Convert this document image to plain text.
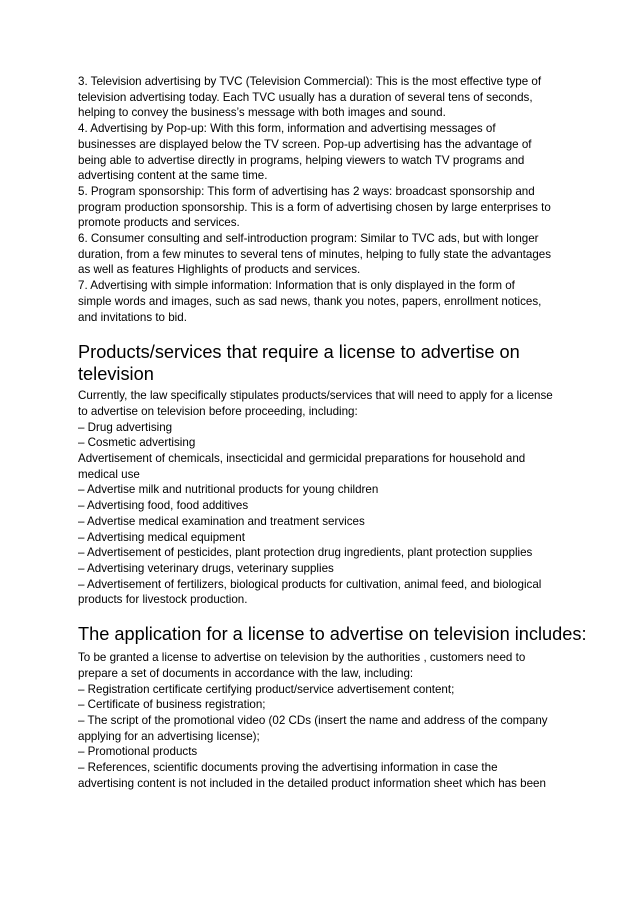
3. Television advertising by TVC (Television Commercial): This is the most effective type of
television advertising today. Each TVC usually has a duration of several tens of seconds,
helping to convey the business’s message with both images and sound.
4. Advertising by Pop-up: With this form, information and advertising messages of
businesses are displayed below the TV screen. Pop-up advertising has the advantage of
being able to advertise directly in programs, helping viewers to watch TV programs and
advertising content at the same time.
5. Program sponsorship: This form of advertising has 2 ways: broadcast sponsorship and
program production sponsorship. This is a form of advertising chosen by large enterprises to
promote products and services.
6. Consumer consulting and self-introduction program: Similar to TVC ads, but with longer
duration, from a few minutes to several tens of minutes, helping to fully state the advantages
as well as features Highlights of products and services.
7. Advertising with simple information: Information that is only displayed in the form of
simple words and images, such as sad news, thank you notes, papers, enrollment notices,
and invitations to bid.
Products/services that require a license to advertise on
television
Currently, the law specifically stipulates products/services that will need to apply for a license
to advertise on television before proceeding, including:
– Drug advertising
– Cosmetic advertising
Advertisement of chemicals, insecticidal and germicidal preparations for household and
medical use
– Advertise milk and nutritional products for young children
– Advertising food, food additives
– Advertise medical examination and treatment services
– Advertising medical equipment
– Advertisement of pesticides, plant protection drug ingredients, plant protection supplies
– Advertising veterinary drugs, veterinary supplies
– Advertisement of fertilizers, biological products for cultivation, animal feed, and biological
products for livestock production.
The application for a license to advertise on television includes:
To be granted a license to advertise on television by the authorities , customers need to
prepare a set of documents in accordance with the law, including:
– Registration certificate certifying product/service advertisement content;
– Certificate of business registration;
– The script of the promotional video (02 CDs (insert the name and address of the company
applying for an advertising license);
– Promotional products
– References, scientific documents proving the advertising information in case the
advertising content is not included in the detailed product information sheet which has been
